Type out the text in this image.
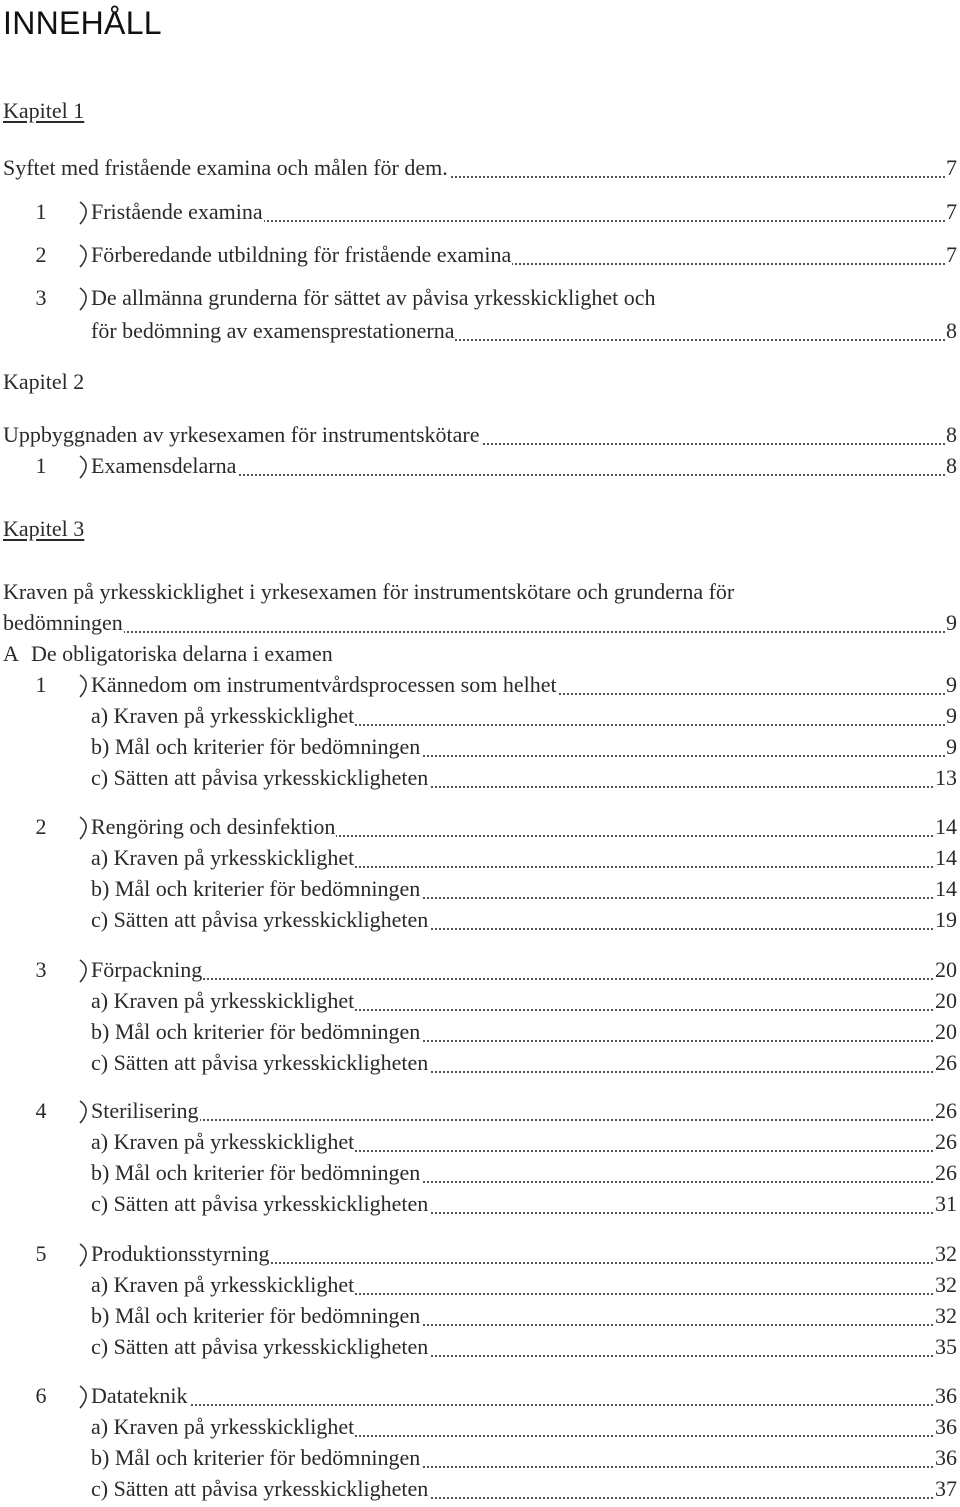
INNEHÅLL
Kapitel 1
Syftet med fristående examina och målen för dem.	7
1	Fristående examina	7
2	Förberedande utbildning för fristående examina	7
3	De allmänna grunderna för sättet av påvisa yrkesskicklighet och
för bedömning av examensprestationerna	8
Kapitel 2
Uppbyggnaden av yrkesexamen för instrumentskötare	8
1	Examensdelarna	8
Kapitel 3
Kraven på yrkesskicklighet i yrkesexamen för instrumentskötare och grunderna för
bedömningen	9
A De obligatoriska delarna i examen
1	Kännedom om instrumentvårdsprocessen som helhet	9
a) Kraven på yrkesskicklighet	9
b) Mål och kriterier för bedömningen	9
c) Sätten att påvisa yrkesskickligheten	13
2	Rengöring och desinfektion	14
a) Kraven på yrkesskicklighet	14
b) Mål och kriterier för bedömningen	14
c) Sätten att påvisa yrkesskickligheten	19
3	Förpackning	20
a) Kraven på yrkesskicklighet	20
b) Mål och kriterier för bedömningen	20
c) Sätten att påvisa yrkesskickligheten	26
4	Sterilisering	26
a) Kraven på yrkesskicklighet	26
b) Mål och kriterier för bedömningen	26
c) Sätten att påvisa yrkesskickligheten	31
5	Produktionsstyrning	32
a) Kraven på yrkesskicklighet	32
b) Mål och kriterier för bedömningen	32
c) Sätten att påvisa yrkesskickligheten	35
6	Datateknik	36
a) Kraven på yrkesskicklighet	36
b) Mål och kriterier för bedömningen	36
c) Sätten att påvisa yrkesskickligheten	37
